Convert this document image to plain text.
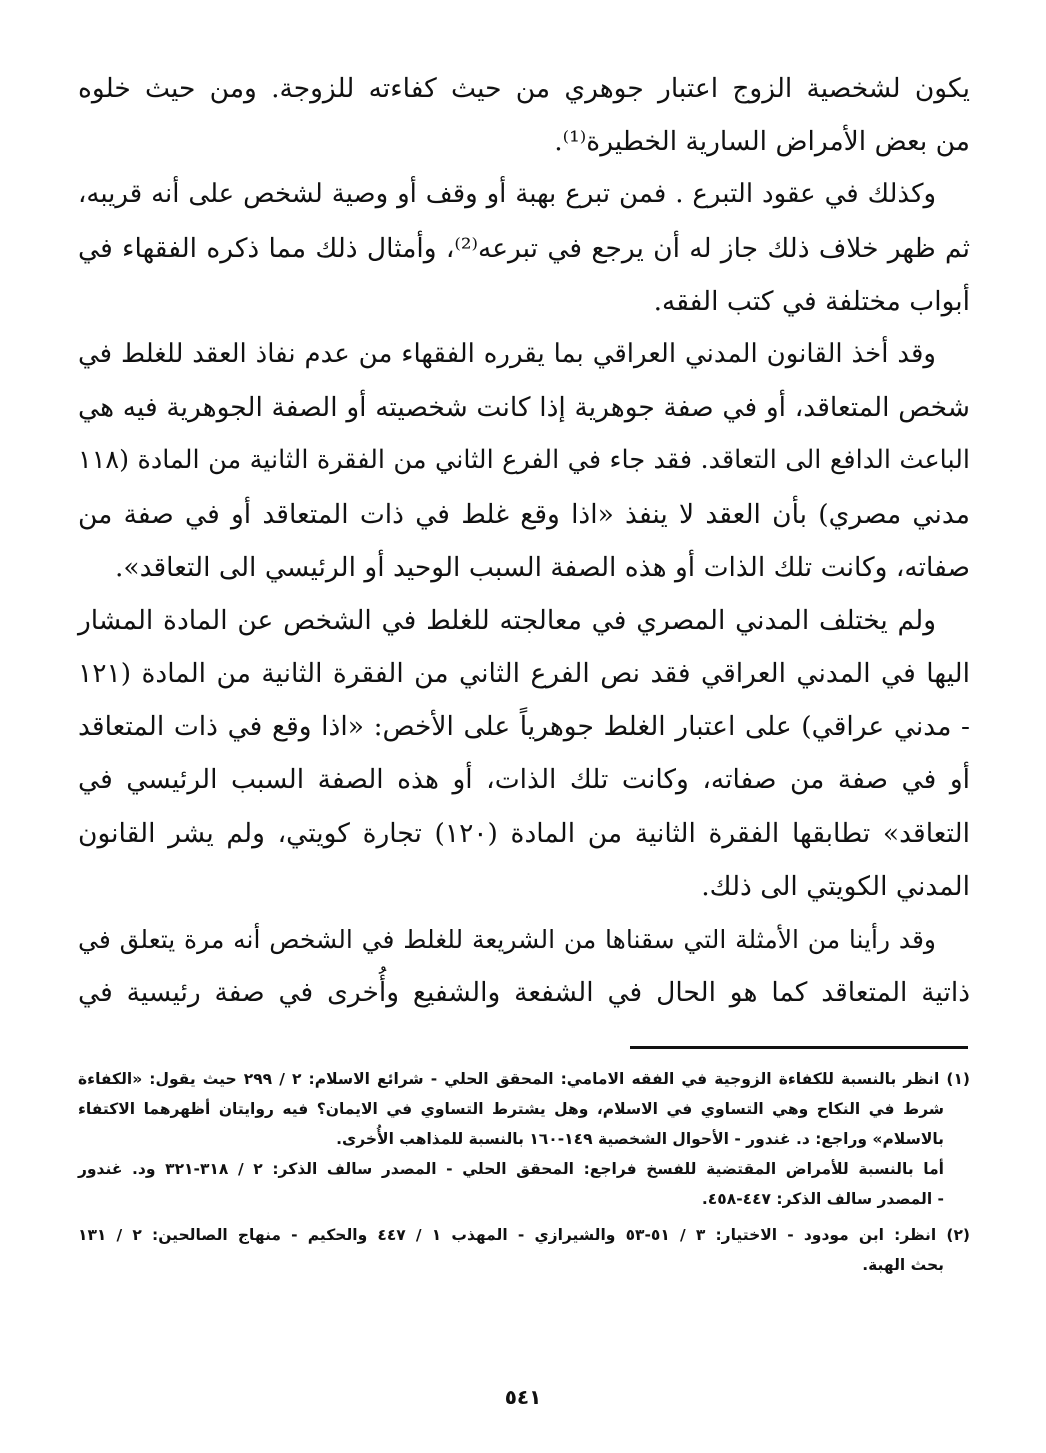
يكون لشخصية الزوج اعتبار جوهري من حيث كفاءته للزوجة. ومن حيث خلوه
من بعض الأمراض السارية الخطيرة⁽¹⁾.

وكذلك في عقود التبرع . فمن تبرع بهبة أو وقف أو وصية لشخص على أنه قريبه،
ثم ظهر خلاف ذلك جاز له أن يرجع في تبرعه⁽²⁾، وأمثال ذلك مما ذكره الفقهاء في
أبواب مختلفة في كتب الفقه.

وقد أخذ القانون المدني العراقي بما يقرره الفقهاء من عدم نفاذ العقد للغلط في
شخص المتعاقد، أو في صفة جوهرية إذا كانت شخصيته أو الصفة الجوهرية فيه هي
الباعث الدافع الى التعاقد. فقد جاء في الفرع الثاني من الفقرة الثانية من المادة (١١٨
مدني مصري) بأن العقد لا ينفذ «اذا وقع غلط في ذات المتعاقد أو في صفة من
صفاته، وكانت تلك الذات أو هذه الصفة السبب الوحيد أو الرئيسي الى التعاقد».

ولم يختلف المدني المصري في معالجته للغلط في الشخص عن المادة المشار
اليها في المدني العراقي فقد نص الفرع الثاني من الفقرة الثانية من المادة (١٢١
- مدني عراقي) على اعتبار الغلط جوهرياً على الأخص: «اذا وقع في ذات المتعاقد
أو في صفة من صفاته، وكانت تلك الذات، أو هذه الصفة السبب الرئيسي في
التعاقد» تطابقها الفقرة الثانية من المادة (١٢٠) تجارة كويتي، ولم يشر القانون
المدني الكويتي الى ذلك.

وقد رأينا من الأمثلة التي سقناها من الشريعة للغلط في الشخص أنه مرة يتعلق في
ذاتية المتعاقد كما هو الحال في الشفعة والشفيع وأُخرى في صفة رئيسية في

(١) انظر بالنسبة للكفاءة الزوجية في الفقه الامامي: المحقق الحلي - شرائع الاسلام: ٢ / ٢٩٩ حيث يقول: «الكفاءة
شرط في النكاح وهي التساوي في الاسلام، وهل يشترط التساوي في الايمان؟ فيه روايتان أظهرهما الاكتفاء
بالاسلام» وراجع: د. غندور - الأحوال الشخصية ١٤٩-١٦٠ بالنسبة للمذاهب الأُخرى.
أما بالنسبة للأمراض المقتضية للفسخ فراجع: المحقق الحلي - المصدر سالف الذكر: ٢ / ٣١٨-٣٢١ ود. غندور
- المصدر سالف الذكر: ٤٤٧-٤٥٨.
(٢) انظر: ابن مودود - الاختيار: ٣ / ٥١-٥٣ والشيرازي - المهذب ١ / ٤٤٧ والحكيم - منهاج الصالحين: ٢ / ١٣١
بحث الهبة.
٥٤١
